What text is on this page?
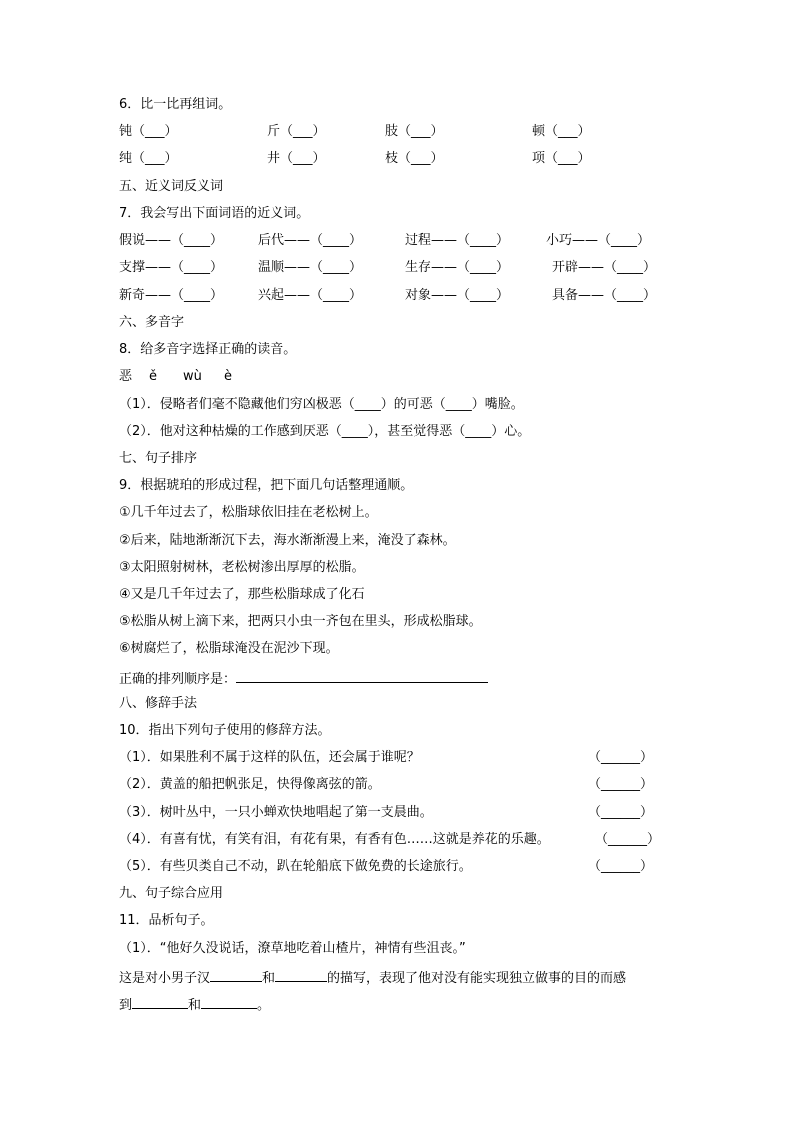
6．比一比再组词。
钝（___）	斤（___）	肢（___）	顿（___）
纯（___）	井（___）	枝（___）	项（___）
五、近义词反义词
7．我会写出下面词语的近义词。
假说——（____）	后代——（____）	过程——（____）	小巧——（____）
支撑——（____）	温顺——（____）	生存——（____）	开辟——（____）
新奇——（____）	兴起——（____）	对象——（____）	具备——（____）
六、多音字
8．给多音字选择正确的读音。
恶 ě wù è
（1）．侵略者们毫不隐藏他们穷凶极恶（____）的可恶（____）嘴脸。
（2）．他对这种枯燥的工作感到厌恶（____），甚至觉得恶（____）心。
七、句子排序
9．根据琥珀的形成过程，把下面几句话整理通顺。
①几千年过去了，松脂球依旧挂在老松树上。
②后来，陆地渐渐沉下去，海水渐渐漫上来，淹没了森林。
③太阳照射树林，老松树渗出厚厚的松脂。
④又是几千年过去了，那些松脂球成了化石
⑤松脂从树上滴下来，把两只小虫一齐包在里头，形成松脂球。
⑥树腐烂了，松脂球淹没在泥沙下现。
正确的排列顺序是：
八、修辞手法
10．指出下列句子使用的修辞方法。
（1）．如果胜利不属于这样的队伍，还会属于谁呢？	（______）
（2）．黄盖的船把帆张足，快得像离弦的箭。	（______）
（3）．树叶丛中，一只小蝉欢快地唱起了第一支晨曲。	（______）
（4）．有喜有忧，有笑有泪，有花有果，有香有色……这就是养花的乐趣。	（______）
（5）．有些贝类自己不动，趴在轮船底下做免费的长途旅行。	（______）
九、句子综合应用
11．品析句子。
（1）．“他好久没说话，潦草地吃着山楂片，神情有些沮丧。”
这是对小男子汉	和	的描写，表现了他对没有能实现独立做事的目的而感
到	和	。
